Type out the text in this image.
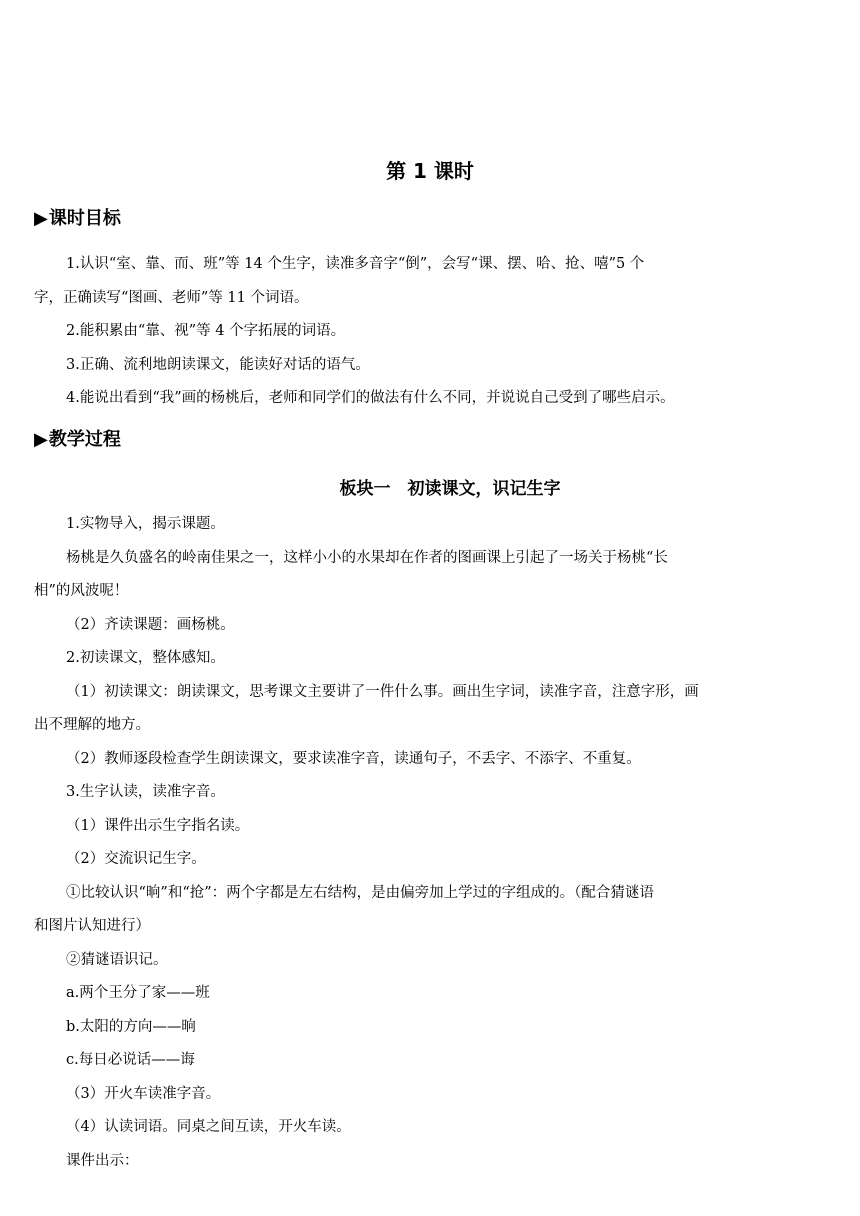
第 1 课时
▶课时目标
1.认识“室、靠、而、班”等 14 个生字，读准多音字“倒”，会写“课、摆、哈、抢、嘻”5 个
字，正确读写“图画、老师”等 11 个词语。
2.能积累由“靠、视”等 4 个字拓展的词语。
3.正确、流利地朗读课文，能读好对话的语气。
4.能说出看到“我”画的杨桃后，老师和同学们的做法有什么不同，并说说自己受到了哪些启示。
▶教学过程
板块一　初读课文，识记生字
1.实物导入，揭示课题。
杨桃是久负盛名的岭南佳果之一，这样小小的水果却在作者的图画课上引起了一场关于杨桃“长
相”的风波呢！
（2）齐读课题：画杨桃。
2.初读课文，整体感知。
（1）初读课文：朗读课文，思考课文主要讲了一件什么事。画出生字词，读准字音，注意字形，画
出不理解的地方。
（2）教师逐段检查学生朗读课文，要求读准字音，读通句子，不丢字、不添字、不重复。
3.生字认读，读准字音。
（1）课件出示生字指名读。
（2）交流识记生字。
①比较认识“晌”和“抢”：两个字都是左右结构，是由偏旁加上学过的字组成的。（配合猜谜语
和图片认知进行）
②猜谜语识记。
a.两个王分了家——班
b.太阳的方向——晌
c.每日必说话——诲
（3）开火车读准字音。
（4）认读词语。同桌之间互读，开火车读。
课件出示：
